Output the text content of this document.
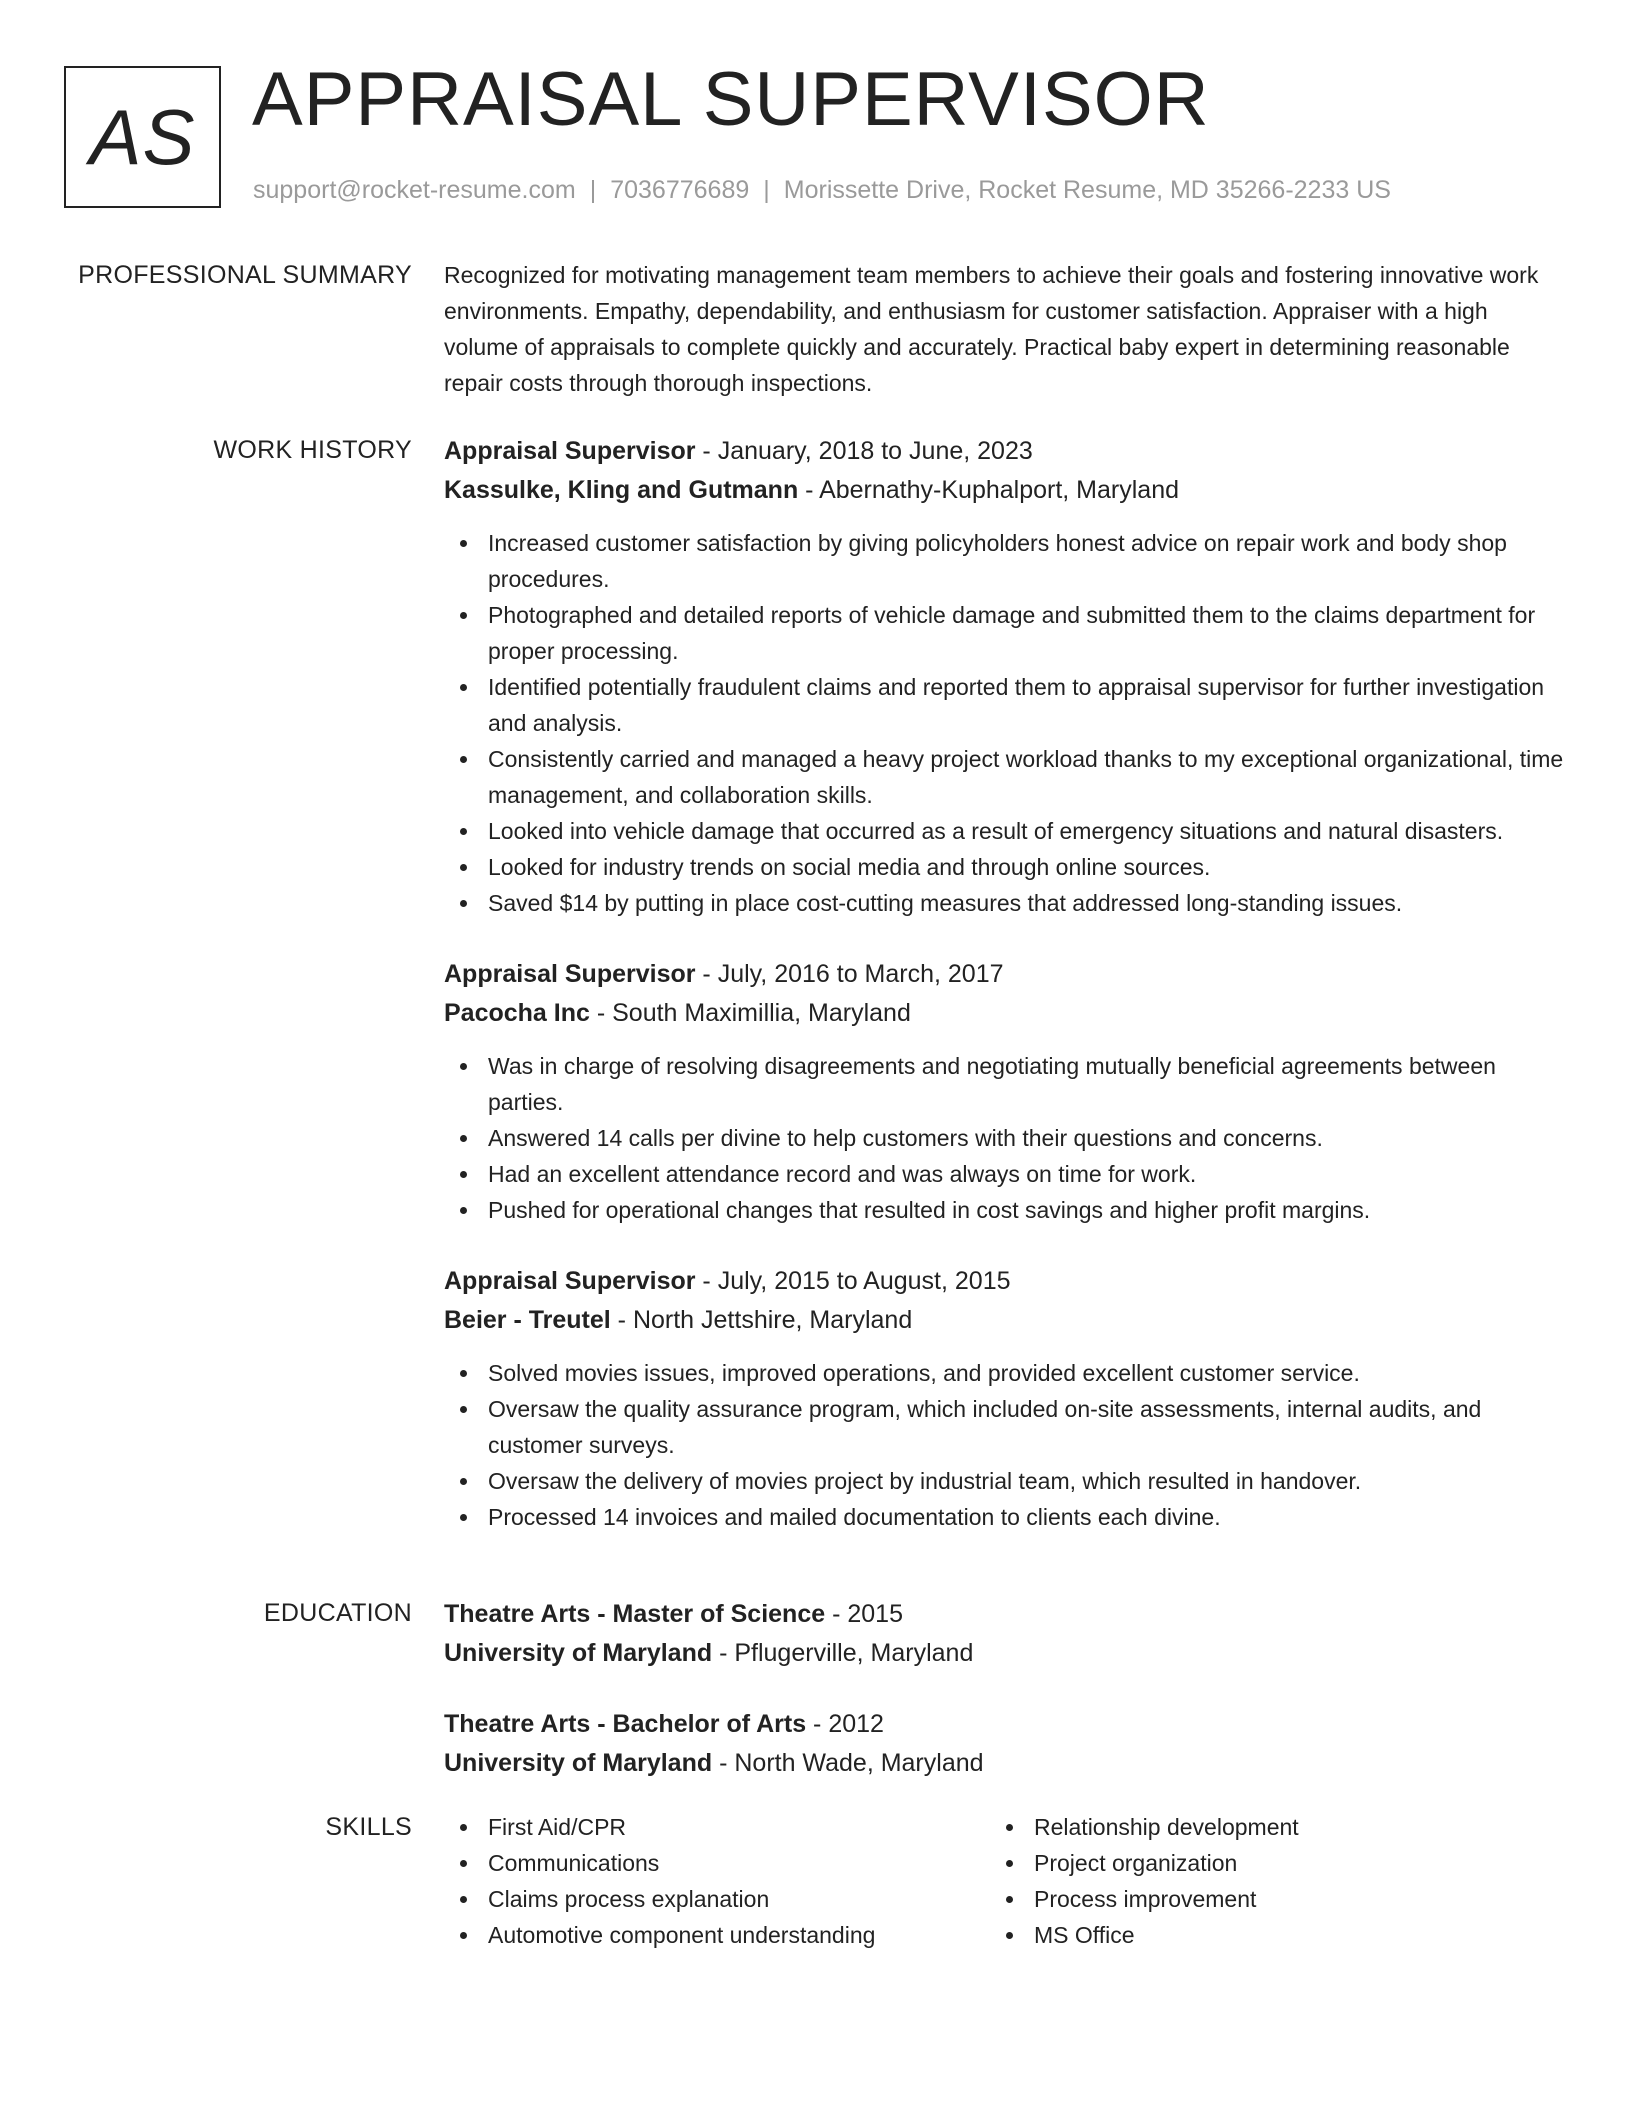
AS APPRAISAL SUPERVISOR
support@rocket-resume.com | 7036776689 | Morissette Drive, Rocket Resume, MD 35266-2233 US
PROFESSIONAL SUMMARY Recognized for motivating management team members to achieve their goals and fostering innovative work environments. Empathy, dependability, and enthusiasm for customer satisfaction. Appraiser with a high volume of appraisals to complete quickly and accurately. Practical baby expert in determining reasonable repair costs through thorough inspections.

WORK HISTORY Appraisal Supervisor - January, 2018 to June, 2023
Kassulke, Kling and Gutmann - Abernathy-Kuphalport, Maryland
Increased customer satisfaction by giving policyholders honest advice on repair work and body shop procedures.
Photographed and detailed reports of vehicle damage and submitted them to the claims department for proper processing.
Identified potentially fraudulent claims and reported them to appraisal supervisor for further investigation and analysis.
Consistently carried and managed a heavy project workload thanks to my exceptional organizational, time management, and collaboration skills.
Looked into vehicle damage that occurred as a result of emergency situations and natural disasters.
Looked for industry trends on social media and through online sources.
Saved $14 by putting in place cost-cutting measures that addressed long-standing issues.
Appraisal Supervisor - July, 2016 to March, 2017
Pacocha Inc - South Maximillia, Maryland
Was in charge of resolving disagreements and negotiating mutually beneficial agreements between parties.
Answered 14 calls per divine to help customers with their questions and concerns.
Had an excellent attendance record and was always on time for work.
Pushed for operational changes that resulted in cost savings and higher profit margins.
Appraisal Supervisor - July, 2015 to August, 2015
Beier - Treutel - North Jettshire, Maryland
Solved movies issues, improved operations, and provided excellent customer service.
Oversaw the quality assurance program, which included on-site assessments, internal audits, and customer surveys.
Oversaw the delivery of movies project by industrial team, which resulted in handover.
Processed 14 invoices and mailed documentation to clients each divine.
EDUCATION Theatre Arts - Master of Science - 2015
University of Maryland - Pflugerville, Maryland
Theatre Arts - Bachelor of Arts - 2012
University of Maryland - North Wade, Maryland
SKILLS	First Aid/CPR
Communications
Claims process explanation
Automotive component understanding
Relationship development
Project organization
Process improvement
MS Office
